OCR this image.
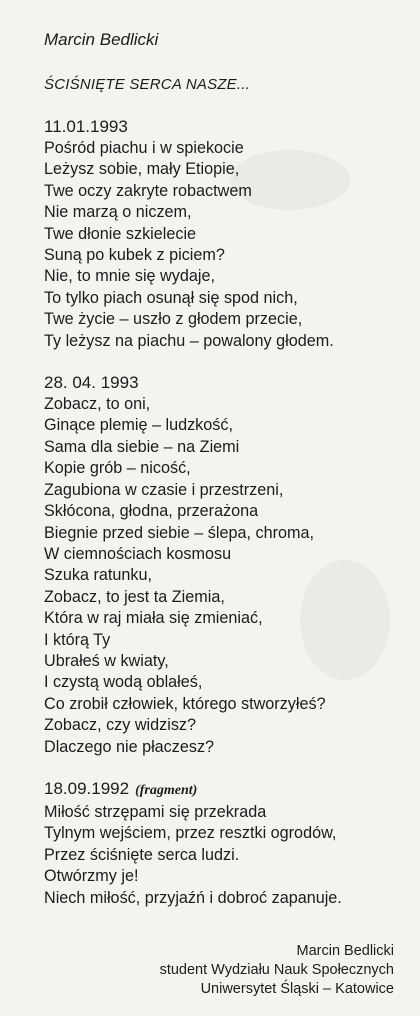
Marcin Bedlicki
ŚCIŚNIĘTE SERCA NASZE...
11.01.1993
Pośród piachu i w spiekocie
Leżysz sobie, mały Etiopie,
Twe oczy zakryte robactwem
Nie marzą o niczem,
Twe dłonie szkielecie
Suną po kubek z piciem?
Nie, to mnie się wydaje,
To tylko piach osunął się spod nich,
Twe życie – uszło z głodem przecie,
Ty leżysz na piachu – powalony głodem.
28. 04. 1993
Zobacz, to oni,
Ginące plemię – ludzkość,
Sama dla siebie – na Ziemi
Kopie grób – nicość,
Zagubiona w czasie i przestrzeni,
Skłócona, głodna, przerażona
Biegnie przed siebie – ślepa, chroma,
W ciemnościach kosmosu
Szuka ratunku,
Zobacz, to jest ta Ziemia,
Która w raj miała się zmieniać,
I którą Ty
Ubrałeś w kwiaty,
I czystą wodą oblałeś,
Co zrobił człowiek, którego stworzyłeś?
Zobacz, czy widzisz?
Dlaczego nie płaczesz?
18.09.1992 (fragment)
Miłość strzępami się przekrada
Tylnym wejściem, przez resztki ogrodów,
Przez ściśnięte serca ludzi.
Otwórzmy je!
Niech miłość, przyjaźń i dobroć zapanuje.
Marcin Bedlicki
student Wydziału Nauk Społecznych
Uniwersytet Śląski – Katowice
